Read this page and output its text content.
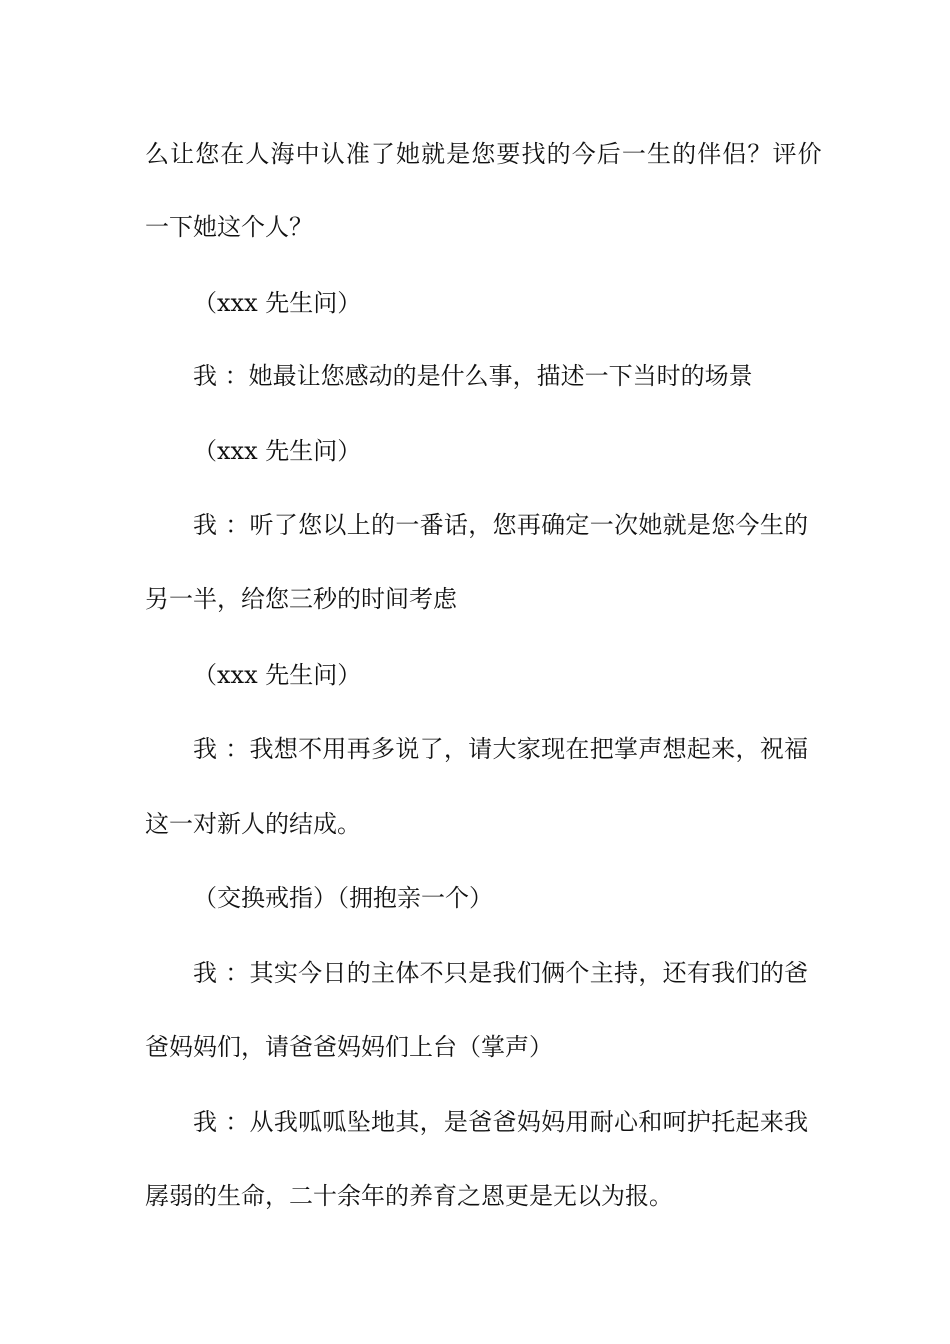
么让您在人海中认准了她就是您要找的今后一生的伴侣？评价
一下她这个人？
（xxx 先生问）
我 ：她最让您感动的是什么事，描述一下当时的场景
（xxx 先生问）
我 ：听了您以上的一番话，您再确定一次她就是您今生的
另一半，给您三秒的时间考虑
（xxx 先生问）
我 ：我想不用再多说了，请大家现在把掌声想起来，祝福
这一对新人的结成。
（交换戒指）（拥抱亲一个）
我 ：其实今日的主体不只是我们俩个主持，还有我们的爸
爸妈妈们，请爸爸妈妈们上台（掌声）
我 ：从我呱呱坠地其，是爸爸妈妈用耐心和呵护托起来我
孱弱的生命，二十余年的养育之恩更是无以为报。
